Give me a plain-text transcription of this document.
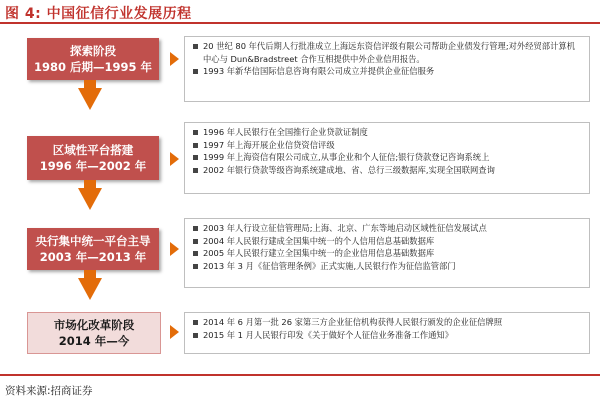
图 4: 中国征信行业发展历程
探索阶段
1980 后期—1995 年
20 世纪 80 年代后期人行批准成立上海远东资信评级有限公司帮助企业债发行管理;对外经贸部计算机中心与 Dun&Bradstreet 合作互相提供中外企业信用报告。
1993 年新华信国际信息咨询有限公司成立并提供企业征信服务
区域性平台搭建
1996 年—2002 年
1996 年人民银行在全国推行企业贷款证制度
1997 年上海开展企业信贷资信评级
1999 年上海资信有限公司成立,从事企业和个人征信;银行贷款登记咨询系统上
2002 年银行贷款等级咨询系统建成地、省、总行三级数据库,实现全国联网查询
央行集中统一平台主导
2003 年—2013 年
2003 年人行设立征信管理局;上海、北京、广东等地启动区域性征信发展试点
2004 年人民银行建成全国集中统一的个人信用信息基础数据库
2005 年人民银行建立全国集中统一的企业信用信息基础数据库
2013 年 3 月《征信管理条例》正式实施,人民银行作为征信监管部门
市场化改革阶段
2014 年—今
2014 年 6 月第一批 26 家第三方企业征信机构获得人民银行颁发的企业征信牌照
2015 年 1 月人民银行印发《关于做好个人征信业务准备工作通知》
资料来源:招商证券
